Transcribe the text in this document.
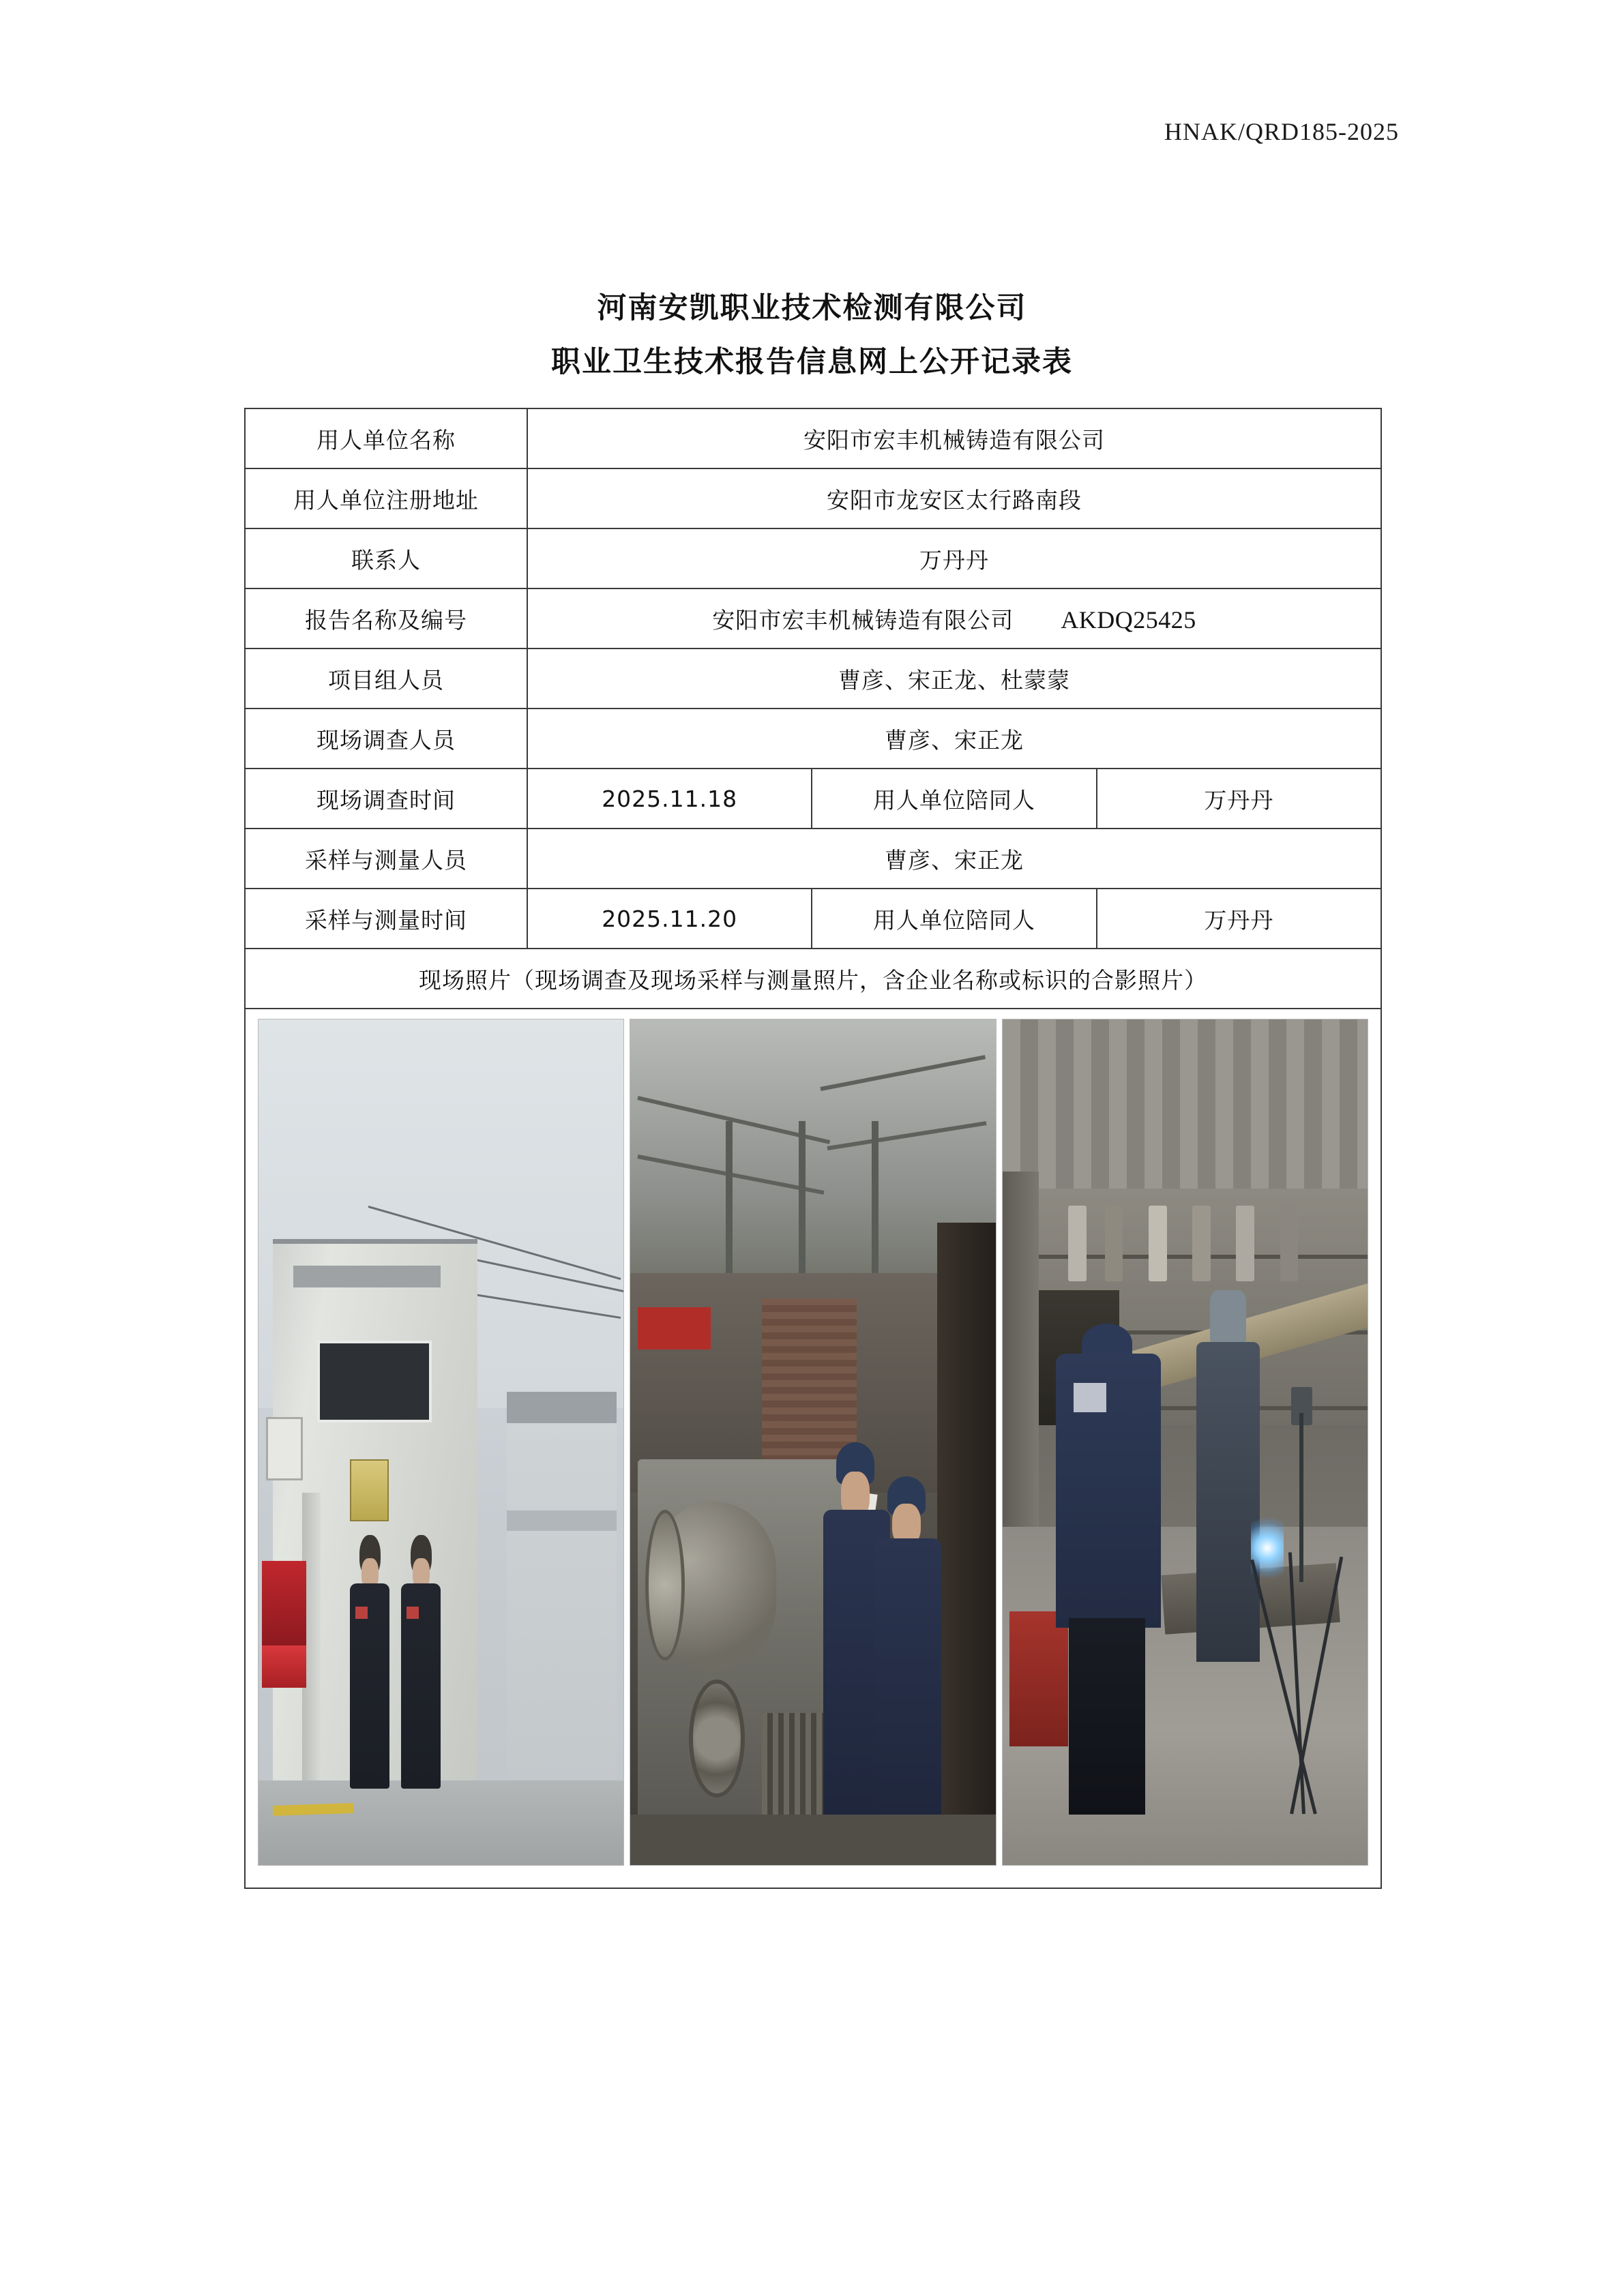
HNAK/QRD185-2025
河南安凯职业技术检测有限公司
职业卫生技术报告信息网上公开记录表
用人单位名称	安阳市宏丰机械铸造有限公司		
用人单位注册地址	安阳市龙安区太行路南段		
联系人	万丹丹		
报告名称及编号	安阳市宏丰机械铸造有限公司 AKDQ25425		
项目组人员	曹彦、宋正龙、杜蒙蒙		
现场调查人员	曹彦、宋正龙		
现场调查时间	2025.11.18	用人单位陪同人	万丹丹
采样与测量人员	曹彦、宋正龙		
采样与测量时间	2025.11.20	用人单位陪同人	万丹丹
现场照片（现场调查及现场采样与测量照片，含企业名称或标识的合影照片）			
